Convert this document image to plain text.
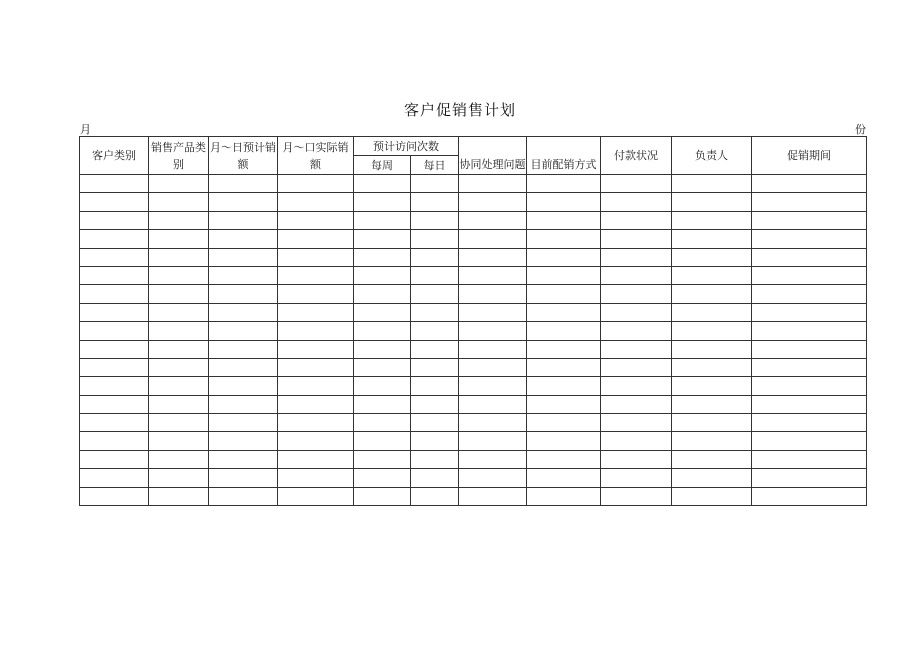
客户促销售计划
月	份
客户类别	销售产品类别	月～日预计销额	月～口实际销额	预计访问次数		协同处理问题	目前配销方式	付款状况	负责人	促销期间
				每周	每日					
